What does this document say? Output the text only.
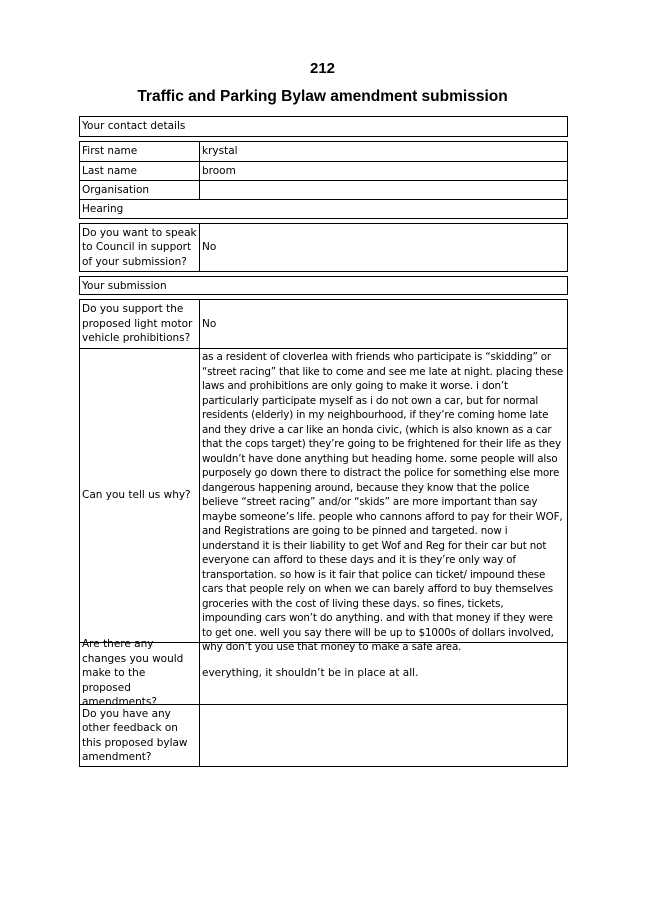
212
Traffic and Parking Bylaw amendment submission
Your contact details
First name	krystal
Last name	broom
Organisation
Hearing
Do you want to speak to Council in support of your submission?
No
Your submission
Do you support the proposed light motor vehicle prohibitions?
No
Can you tell us why?
as a resident of cloverlea with friends who participate is “skidding” or “street racing” that like to come and see me late at night. placing these laws and prohibitions are only going to make it worse. i don’t particularly participate myself as i do not own a car, but for normal residents (elderly) in my neighbourhood, if they’re coming home late and they drive a car like an honda civic, (which is also known as a car that the cops target) they’re going to be frightened for their life as they wouldn’t have done anything but heading home. some people will also purposely go down there to distract the police for something else more dangerous happening around, because they know that the police believe “street racing” and/or “skids” are more important than say maybe someone’s life. people who cannons afford to pay for their WOF, and Registrations are going to be pinned and targeted. now i understand it is their liability to get Wof and Reg for their car but not everyone can afford to these days and it is they’re only way of transportation. so how is it fair that police can ticket/ impound these cars that people rely on when we can barely afford to buy themselves groceries with the cost of living these days. so fines, tickets, impounding cars won’t do anything. and with that money if they were to get one. well you say there will be up to $1000s of dollars involved, why don’t you use that money to make a safe area.
Are there any changes you would make to the proposed amendments?
everything, it shouldn’t be in place at all.
Do you have any other feedback on this proposed bylaw amendment?
